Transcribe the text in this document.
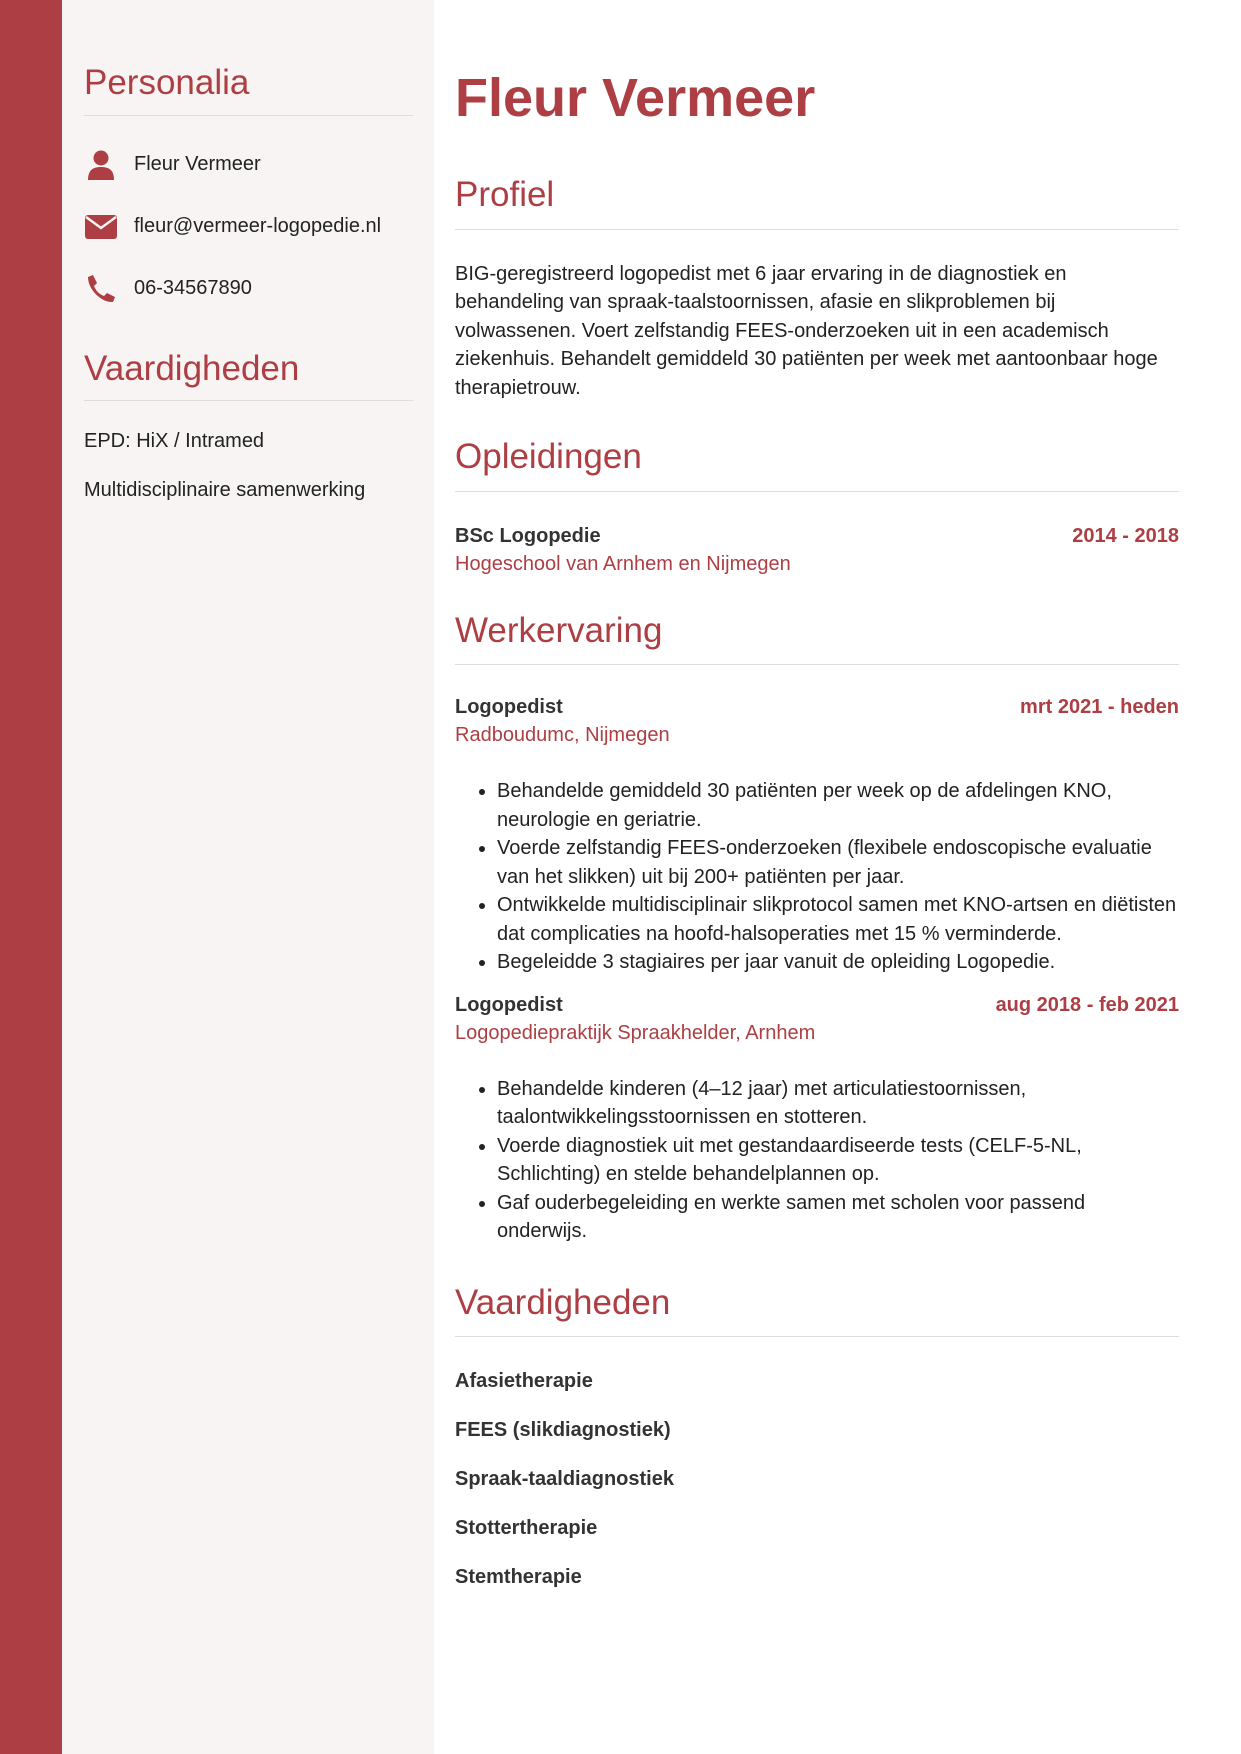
Personalia
Fleur Vermeer
fleur@vermeer-logopedie.nl
06-34567890
Vaardigheden
EPD: HiX / Intramed
Multidisciplinaire samenwerking
Fleur Vermeer
Profiel

BIG-geregistreerd logopedist met 6 jaar ervaring in de diagnostiek en behandeling van spraak-taalstoornissen, afasie en slikproblemen bij volwassenen. Voert zelfstandig FEES-onderzoeken uit in een academisch ziekenhuis. Behandelt gemiddeld 30 patiënten per week met aantoonbaar hoge therapietrouw.

Opleidingen
BSc Logopedie	2014 - 2018
Hogeschool van Arnhem en Nijmegen
Werkervaring
Logopedist	mrt 2021 - heden
Radboudumc, Nijmegen
• Behandelde gemiddeld 30 patiënten per week op de afdelingen KNO, neurologie en geriatrie.
• Voerde zelfstandig FEES-onderzoeken (flexibele endoscopische evaluatie van het slikken) uit bij 200+ patiënten per jaar.
• Ontwikkelde multidisciplinair slikprotocol samen met KNO-artsen en diëtisten dat complicaties na hoofd-halsoperaties met 15 % verminderde.
• Begeleidde 3 stagiaires per jaar vanuit de opleiding Logopedie.
Logopedist	aug 2018 - feb 2021
Logopediepraktijk Spraakhelder, Arnhem
• Behandelde kinderen (4–12 jaar) met articulatiestoornissen, taalontwikkelingsstoornissen en stotteren.
• Voerde diagnostiek uit met gestandaardiseerde tests (CELF-5-NL, Schlichting) en stelde behandelplannen op.
• Gaf ouderbegeleiding en werkte samen met scholen voor passend onderwijs.
Vaardigheden
Afasietherapie
FEES (slikdiagnostiek)
Spraak-taaldiagnostiek
Stottertherapie
Stemtherapie
